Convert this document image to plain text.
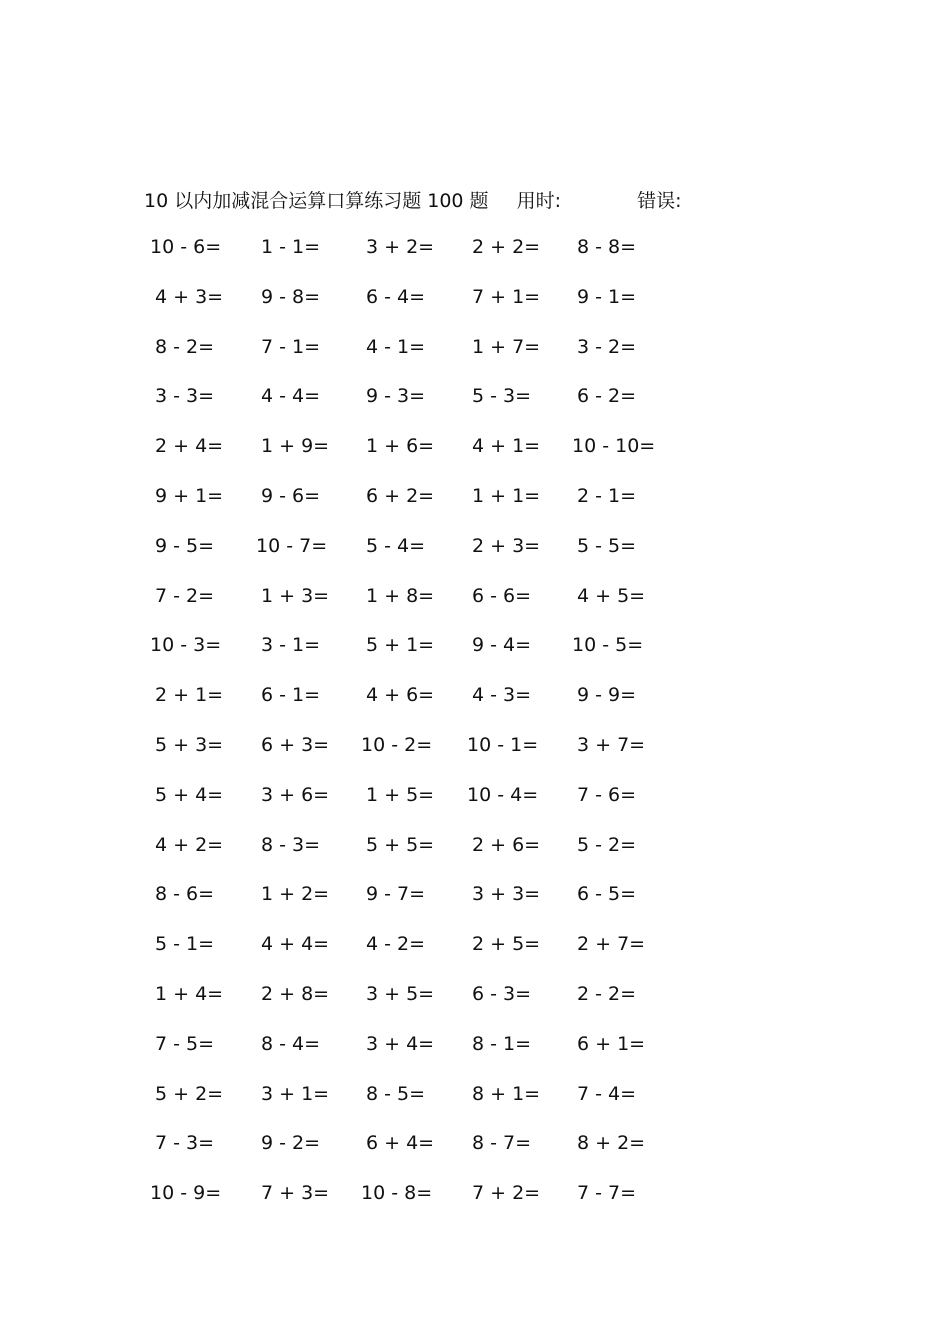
10 以内加减混合运算口算练习题 100 题 用时:	错误:
10 - 6= 1 - 1= 3 + 2= 2 + 2= 8 - 8=
4 + 3= 9 - 8= 6 - 4= 7 + 1= 9 - 1=
8 - 2= 7 - 1= 4 - 1= 1 + 7= 3 - 2=
3 - 3= 4 - 4= 9 - 3= 5 - 3= 6 - 2=
2 + 4= 1 + 9= 1 + 6= 4 + 1= 10 - 10=
9 + 1= 9 - 6= 6 + 2= 1 + 1= 2 - 1=
9 - 5= 10 - 7= 5 - 4= 2 + 3= 5 - 5=
7 - 2= 1 + 3= 1 + 8= 6 - 6= 4 + 5=
10 - 3= 3 - 1= 5 + 1= 9 - 4= 10 - 5=
2 + 1= 6 - 1= 4 + 6= 4 - 3= 9 - 9=
5 + 3= 6 + 3= 10 - 2= 10 - 1= 3 + 7=
5 + 4= 3 + 6= 1 + 5= 10 - 4= 7 - 6=
4 + 2= 8 - 3= 5 + 5= 2 + 6= 5 - 2=
8 - 6= 1 + 2= 9 - 7= 3 + 3= 6 - 5=
5 - 1= 4 + 4= 4 - 2= 2 + 5= 2 + 7=
1 + 4= 2 + 8= 3 + 5= 6 - 3= 2 - 2=
7 - 5= 8 - 4= 3 + 4= 8 - 1= 6 + 1=
5 + 2= 3 + 1= 8 - 5= 8 + 1= 7 - 4=
7 - 3= 9 - 2= 6 + 4= 8 - 7= 8 + 2=
10 - 9= 7 + 3= 10 - 8= 7 + 2= 7 - 7=
